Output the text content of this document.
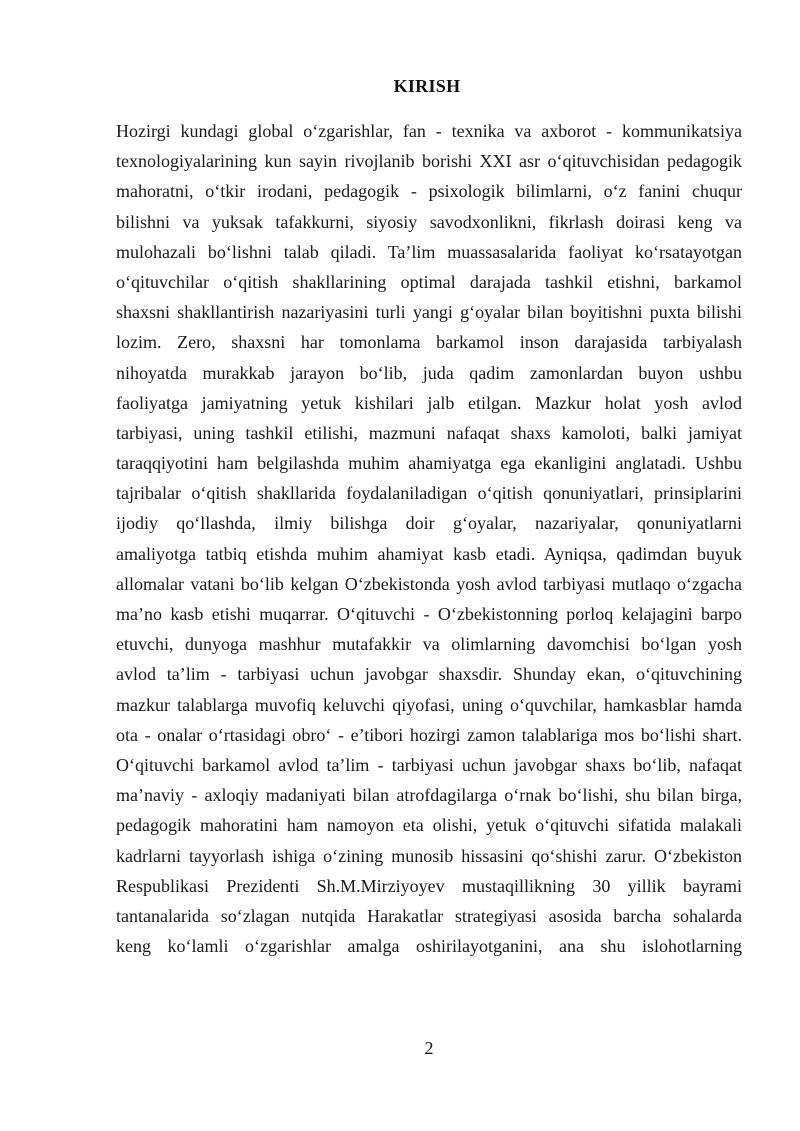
KIRISH
Hozirgi kundagi global o‘zgarishlar, fan - texnika va axborot - kommunikatsiya
texnologiyalarining kun sayin rivojlanib borishi XXI asr o‘qituvchisidan pedagogik
mahoratni, o‘tkir irodani, pedagogik - psixologik bilimlarni, o‘z fanini chuqur
bilishni va yuksak tafakkurni, siyosiy savodxonlikni, fikrlash doirasi keng va
mulohazali bo‘lishni talab qiladi. Ta’lim muassasalarida faoliyat ko‘rsatayotgan
o‘qituvchilar o‘qitish shakllarining optimal darajada tashkil etishni, barkamol
shaxsni shakllantirish nazariyasini turli yangi g‘oyalar bilan boyitishni puxta bilishi
lozim. Zero, shaxsni har tomonlama barkamol inson darajasida tarbiyalash
nihoyatda murakkab jarayon bo‘lib, juda qadim zamonlardan buyon ushbu
faoliyatga jamiyatning yetuk kishilari jalb etilgan. Mazkur holat yosh avlod
tarbiyasi, uning tashkil etilishi, mazmuni nafaqat shaxs kamoloti, balki jamiyat
taraqqiyotini ham belgilashda muhim ahamiyatga ega ekanligini anglatadi. Ushbu
tajribalar o‘qitish shakllarida foydalaniladigan o‘qitish qonuniyatlari, prinsiplarini
ijodiy qo‘llashda, ilmiy bilishga doir g‘oyalar, nazariyalar, qonuniyatlarni
amaliyotga tatbiq etishda muhim ahamiyat kasb etadi. Ayniqsa, qadimdan buyuk
allomalar vatani bo‘lib kelgan O‘zbekistonda yosh avlod tarbiyasi mutlaqo o‘zgacha
ma’no kasb etishi muqarrar. O‘qituvchi - O‘zbekistonning porloq kelajagini barpo
etuvchi, dunyoga mashhur mutafakkir va olimlarning davomchisi bo‘lgan yosh
avlod ta’lim - tarbiyasi uchun javobgar shaxsdir. Shunday ekan, o‘qituvchining
mazkur talablarga muvofiq keluvchi qiyofasi, uning o‘quvchilar, hamkasblar hamda
ota - onalar o‘rtasidagi obro‘ - e’tibori hozirgi zamon talablariga mos bo‘lishi shart.
O‘qituvchi barkamol avlod ta’lim - tarbiyasi uchun javobgar shaxs bo‘lib, nafaqat
ma’naviy - axloqiy madaniyati bilan atrofdagilarga o‘rnak bo‘lishi, shu bilan birga,
pedagogik mahoratini ham namoyon eta olishi, yetuk o‘qituvchi sifatida malakali
kadrlarni tayyorlash ishiga o‘zining munosib hissasini qo‘shishi zarur. O‘zbekiston
Respublikasi Prezidenti Sh.M.Mirziyoyev mustaqillikning 30 yillik bayrami
tantanalarida so‘zlagan nutqida Harakatlar strategiyasi asosida barcha sohalarda
keng ko‘lamli o‘zgarishlar amalga oshirilayotganini, ana shu islohotlarning
2
